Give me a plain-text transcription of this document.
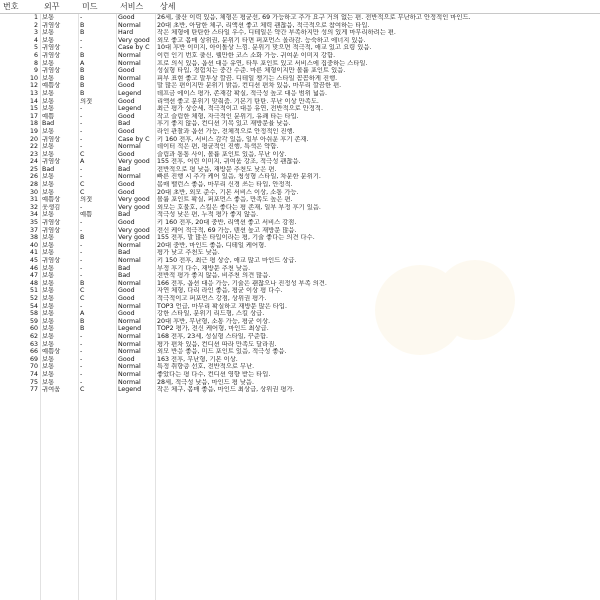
번호	외꾸	미드	서비스 상세
1 보통	-	Good	26세, 출산 이력 있음, 체형은 평균선, 69 가능하고 추가 요구 거의 없는 편. 전반적으로 무난하고 안정적인 마인드.
2 귀염상	B	Normal	20대 초반, 아담한 체구, 리액션 좋고 체력 괜찮음, 적극적으로 참여하는 타입.
3 보통	B	Hard	작은 체형에 탄탄한 스타일 우수, 디테일은 약간 부족하지만 성의 있게 마무리하려는 편.
4 보통	-	Very good	외모 좋고 몸매 상위권, 분위기 타면 퍼포먼스 올라감. 능숙하고 에너지 있음.
5 귀염상	-	Case by C	10대 후반 이미지, 아이돌상 느낌. 분위기 맞으면 적극적, 애교 있고 요령 있음.
6 귀염상	B	Normal	이런 인기 번호 출신, 웰만한 코스 소화 가능. 귀여운 이미지 강함.
8 보통	A	Normal	프로 의식 있음, 옵션 대응 유연, 타투 포인트 있고 서비스에 집중하는 스타일.
9 귀염상	B	Good	성실형 타입, 경험치는 중간 수준. 마른 체형이지만 볼륨 포인트 있음.
10 보통	B	Normal	피부 표현 좋고 말투상 깔끔. 디테일 챙기는 스타일 꼼꼼하게 진행.
12 예쁨상	B	Good	말 많은 편이지만 분위기 밝음, 컨디션 편차 있음, 마무리 깔끔한 편.
13 보통	B	Legend	데프금 에이스 평가, 존재감 확실, 적극성 높고 대응 범위 넓음.
14 보통	의젓	Good	리액션 좋고 분위기 맞춰줌. 기본기 탄탄. 무난 이상 만족도.
15 보통	-	Legend	최근 평가 상승세, 적극적이고 대응 유연, 전반적으로 안정적.
17 예쁨	-	Good	작고 슬림한 체형, 자극적인 분위기, 유쾌 타는 타입.
18 Bad	-	Bad	후기 좋지 않음, 컨디션 기복 있고 재방문율 낮음.
19 보통	-	Good	라인 관찰과 옵션 가능, 전체적으로 안정적인 진행.
20 귀염상	-	Case by C	키 160 전후, 서비스 감각 있음, 일부 아쉬운 후기 존재.
22 보통	-	Normal	데이터 적은 편, 평균적인 진행, 특색은 약함.
23 보통	C	Good	슬림과 통통 사이, 볼륨 포인트 있음, 무난 이상.
24 귀염상	A	Very good	155 전후, 어린 이미지, 귀여움 강조, 적극성 괜찮음.
25 Bad	-	Bad	전반적으로 평 낮음, 재방문 추천도 낮은 편.
26 보통	-	Normal	빠른 진행 시 추가 케어 있음, 청성형 스타일, 차분한 분위기.
28 보통	C	Good	몸매 밸런스 좋음, 마무리 신경 쓰는 타입, 안정적.
30 보통	C	Good	20대 초반, 외모 준수, 기본 서비스 이상, 소통 가능.
31 예쁨상	의젓	Very good	볼륨 포인트 확실, 퍼포먼스 좋음, 만족도 높은 편.
32 웃생김	-	Very good	외모는 호불호, 스킬은 좋다는 평 존재, 일부 부정 후기 있음.
34 보통	예쁨	Bad	적극성 낮은 편, 누적 평가 좋지 않음.
35 귀염상	-	Good	키 160 전후, 20대 중반, 리액션 좋고 서비스 강점.
37 귀염상	-	Very good	전신 케어 적극적, 69 가능, 텐션 높고 재방문 많음.
38 보통	B	Very good	155 전후, 말 많은 타입이라는 평, 기술 좋다는 의견 다수.
40 보통	-	Normal	20대 중반, 마인드 좋음, 디테일 케어형.
41 보통	-	Bad	평가 낮고 추천도 낮음.
45 귀염상	-	Normal	키 150 전후, 최근 평 상승, 애교 많고 마인드 상급.
46 보통	-	Bad	부정 후기 다수, 재방문 추천 낮음.
47 보통	-	Bad	전반적 평가 좋지 않음, 비추천 의견 많음.
48 보통	B	Normal	166 전후, 옵션 대응 가능, 기술은 괜찮으나 진정성 부족 의견.
51 보통	C	Good	자연 체형, 다리 라인 좋음, 평균 이상 평 다수.
52 보통	C	Good	적극적이고 퍼포먼스 강점, 상위권 평가.
54 보통	-	Normal	TOP3 언급, 마무리 확실하고 재방문 많은 타입.
58 보통	A	Good	강한 스타일, 분위기 리드형, 스킬 상급.
59 보통	B	Normal	20대 후반, 무난형, 소통 가능, 평균 이상.
60 보통	B	Legend	TOP2 평가, 전신 케어형, 마인드 최상급.
62 보통	-	Normal	168 전후, 23세, 성실형 스타일, 꾸준함.
63 보통	-	Normal	평가 편차 있음, 컨디션 따라 만족도 달라짐.
66 예쁨상	-	Normal	외모 반응 좋음, 미드 포인트 있음, 적극성 좋음.
69 보통	-	Good	163 전후, 무난형, 기본 이상.
70 보통	-	Normal	특정 취향층 선호, 전반적으로 무난.
74 보통	-	Normal	좋았다는 평 다수, 컨디션 영향 받는 타입.
75 보통	-	Normal	28세, 적극성 낮음, 마인드 평 낮음.
77 귀여움	C	Legend	작은 체구, 몸매 좋음, 마인드 최상급, 상위권 평가.
